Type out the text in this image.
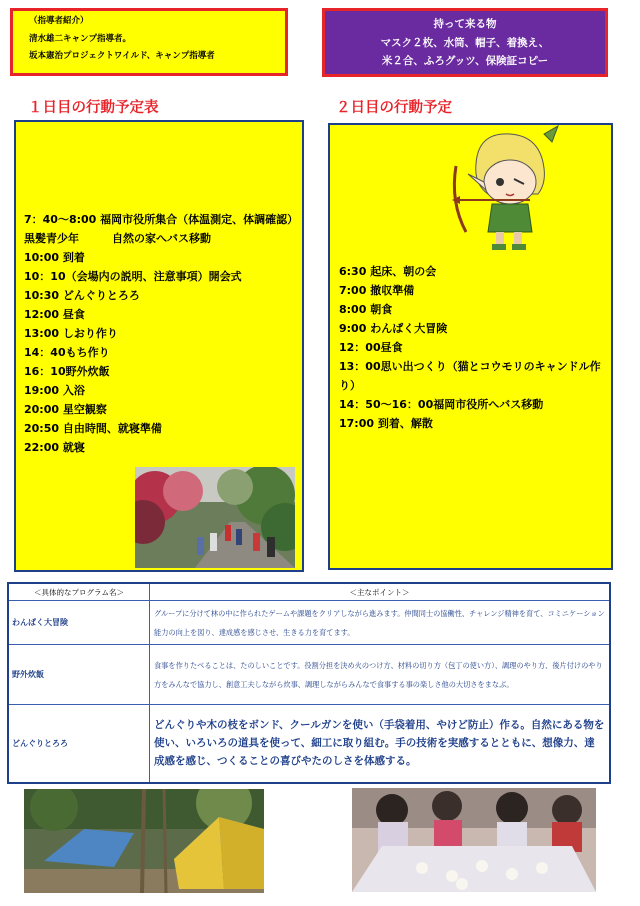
（指導者紹介）
清水雄二キャンプ指導者。
坂本憲治プロジェクトワイルド、キャンプ指導者
持って来る物
マスク２枚、水筒、帽子、着換え、
米２合、ふろグッツ、保険証コピー
１日目の行動予定表	２日目の行動予定
7：40～8:00 福岡市役所集合（体温測定、体調確認）黒髪青少年　　　自然の家へバス移動
10:00 到着
10：10（会場内の説明、注意事項）開会式
10:30 どんぐりとろろ
12:00 昼食
13:00 しおり作り
14：40もち作り
16：10野外炊飯
19:00 入浴
20:00 星空観察
20:50 自由時間、就寝準備
22:00 就寝
6:30 起床、朝の会
7:00 撤収準備
8:00 朝食
9:00 わんぱく大冒険
12：00昼食
13：00思い出つくり（猫とコウモリのキャンドル作り）
14：50～16：00福岡市役所へバス移動
17:00 到着、解散
＜具体的なプログラム名＞	＜主なポイント＞
わんぱく大冒険	グループに分けて林の中に作られたゲームや課題をクリアしながら進みます。仲間同士の協働性、チャレンジ精神を育て、コミニケーション能力の向上を図り、達成感を感じさせ、生きる力を育てます。
野外炊飯	食事を作りたべることは、たのしいことです。役割分担を決め火のつけ方、材料の切り方（包丁の使い方）、調理のやり方、後片付けのやり方をみんなで協力し、創意工夫しながら炊事、調理しながらみんなで食事する事の楽しさ他の大切さをまなぶ。
どんぐりとろろ	どんぐりや木の枝をボンド、クールガンを使い（手袋着用、やけど防止）作る。自然にある物を使い、いろいろの道具を使って、細工に取り組む。手の技術を実感するとともに、想像力、達成感を感じ、つくることの喜びやたのしさを体感する。
